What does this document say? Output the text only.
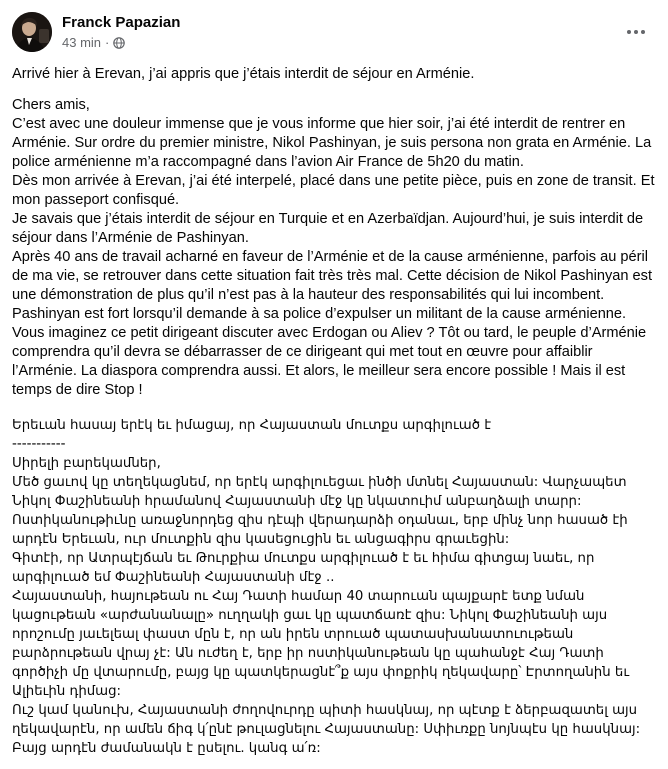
Franck Papazian
43 min ·

Arrivé hier à Erevan, j’ai appris que j’étais interdit de séjour en Arménie.

Chers amis,
C’est avec une douleur immense que je vous informe que hier soir, j’ai été interdit de rentrer en Arménie. Sur ordre du premier ministre, Nikol Pashinyan, je suis persona non grata en Arménie. La police arménienne m’a raccompagné dans l’avion Air France de 5h20 du matin.
Dès mon arrivée à Erevan, j’ai été interpelé, placé dans une petite pièce, puis en zone de transit. Et mon passeport confisqué.
Je savais que j’étais interdit de séjour en Turquie et en Azerbaïdjan. Aujourd’hui, je suis interdit de séjour dans l’Arménie de Pashinyan.
Après 40 ans de travail acharné en faveur de l’Arménie et de la cause arménienne, parfois au péril de ma vie, se retrouver dans cette situation fait très très mal. Cette décision de Nikol Pashinyan est une démonstration de plus qu’il n’est pas à la hauteur des responsabilités qui lui incombent.
Pashinyan est fort lorsqu’il demande à sa police d’expulser un militant de la cause arménienne.
Vous imaginez ce petit dirigeant discuter avec Erdogan ou Aliev ? Tôt ou tard, le peuple d’Arménie comprendra qu’il devra se débarrasser de ce dirigeant qui met tout en œuvre pour affaiblir l’Arménie. La diaspora comprendra aussi. Et alors, le meilleur sera encore possible ! Mais il est temps de dire Stop !

Երեւան հասայ երէկ եւ իմացայ, որ Հայաստան մուտքս արգիլուած է

-----------

Սիրելի բարեկամներ,
Մեծ ցաւով կը տեղեկացնեմ, որ երէկ արգիլուեցաւ ինծի մտնել Հայաստան: Վարչապետ Նիկոլ Փաշինեանի հրամանով Հայաստանի մէջ կը նկատուիմ անբաղձալի տարր: Ոստիկանութիւնը առաջնորդեց զիս դէպի վերադարձի օդանաւ, երբ մինչ նոր հասած էի արդէն Երեւան, ուր մուտքին զիս կասեցուցին եւ անցագիրս գրաւեցին:
Գիտէի, որ Ատրպէյճան եւ Թուրքիա մուտքս արգիլուած է եւ հիմա գիտցայ նաեւ, որ արգիլուած եմ Փաշինեանի Հայաստանի մէջ ..
Հայաստանի, հայութեան ու Հայ Դատի համար 40 տարուան պայքարէ ետք նման կացութեան «արժանանալը» ուղղակի ցաւ կը պատճառէ զիս: Նիկոլ Փաշինեանի այս որոշումը յաւելեալ փաստ մըն է, որ ան իրեն տրուած պատասխանատուութեան բարձրութեան վրայ չէ: Ան ուժեղ է, երբ իր ոստիկանութեան կը պահանջէ Հայ Դատի գործիչի մը վտարումը, բայց կը պատկերացնէ՞ք այս փոքրիկ ղեկավարը՝ Էրտողանին եւ Ալիեւին դիմաց:
Ուշ կամ կանուխ, Հայաստանի ժողովուրդը պիտի հասկնայ, որ պէտք է ձերբազատել այս ղեկավարէն, որ ամեն ճիգ կ՛ընէ թուլացնելու Հայաստանը: Սփիւռքը նոյնպէս կը հասկնայ: Բայց արդէն ժամանակն է ըսելու. կանգ ա՛ռ:
